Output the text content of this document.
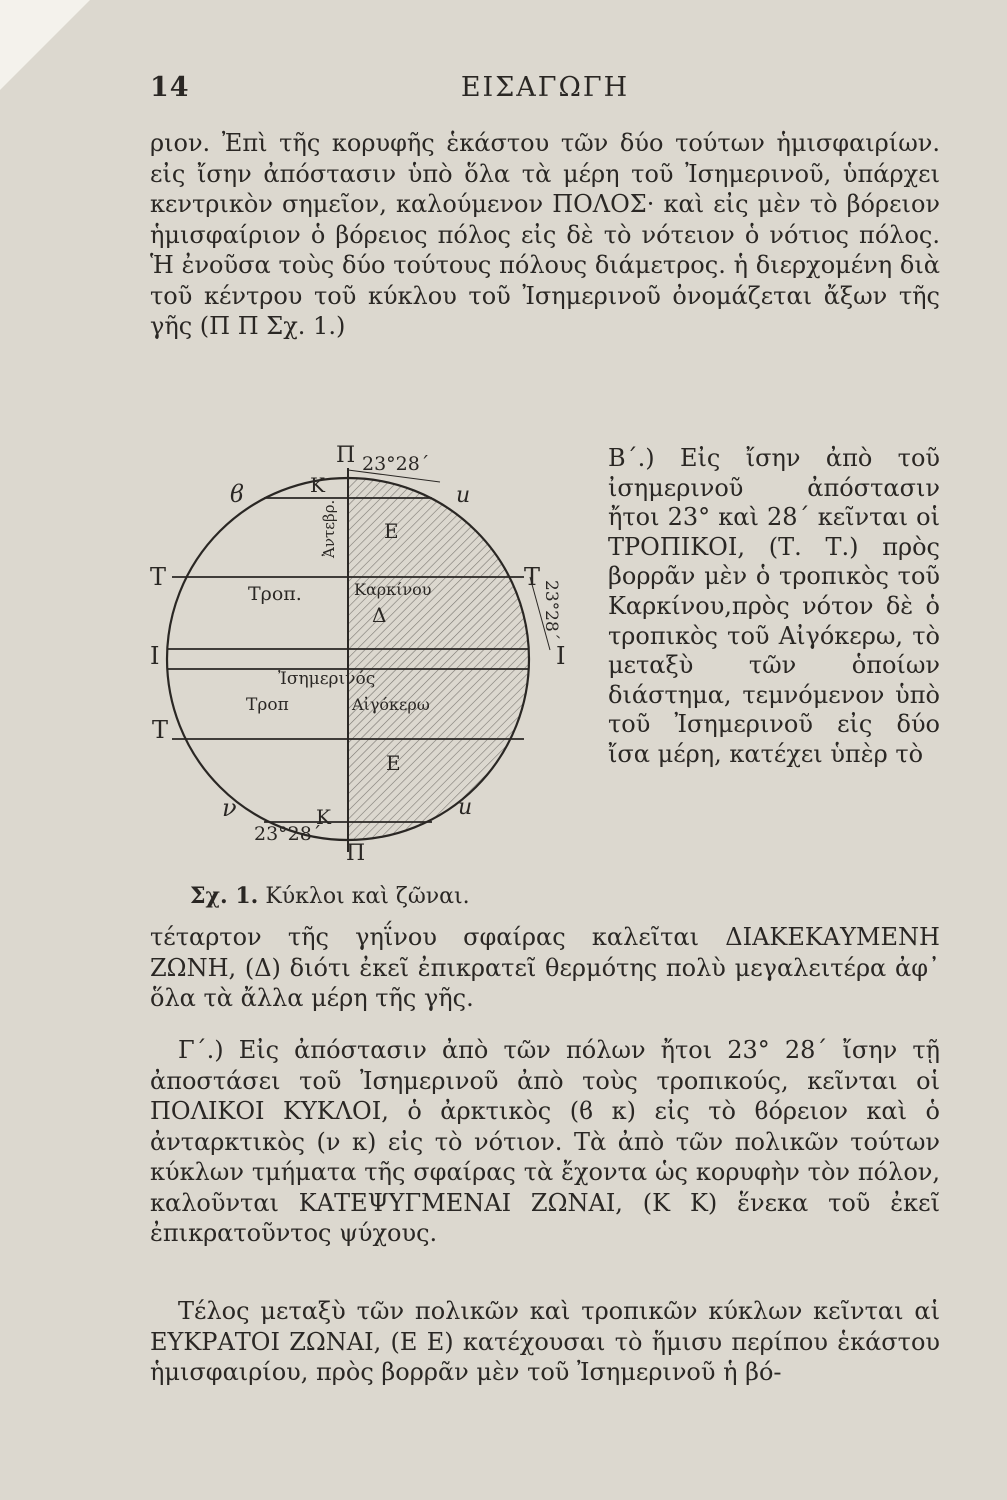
14	ΕΙΣΑΓΩΓΗ

ριον. Ἐπὶ τῆς κορυφῆς ἑκάστου τῶν δύο τούτων ἡμισφαιρίων. εἰς ἴσην ἀπόστασιν ὑπὸ ὅλα τὰ μέρη τοῦ Ἰσημερινοῦ, ὑπάρχει κεντρικὸν σημεῖον, καλούμενον ΠΟΛΟΣ· καὶ εἰς μὲν τὸ βόρειον ἡμισφαίριον ὁ βόρειος πόλος εἰς δὲ τὸ νότειον ὁ νότιος πόλος. Ἡ ἐνοῦσα τοὺς δύο τούτους πόλους διάμετρος. ἡ διερχομένη διὰ τοῦ κέντρου τοῦ κύκλου τοῦ Ἰσημερινοῦ ὀνομάζεται ἄξων τῆς γῆς (Π Π Σχ. 1.)

Π 23°28΄
ϐ	u
Κ
Ἀντεβρ. Ε
Τ	Τ
23°28΄
Τροπ.	Καρκίνου
Δ
Ι	Ι
Ἰσημερινός
Τροπ	Αἰγόκερω
Τ
Ε
ν	u
Κ
23°28΄
Π
Σχ. 1. Κύκλοι καὶ ζῶναι.

Β΄.) Εἰς ἴσην ἀπὸ τοῦ ἰσημερινοῦ ἀπόστασιν ἤτοι 23° καὶ 28΄ κεῖνται οἱ ΤΡΟΠΙΚΟΙ, (Τ. Τ.) πρὸς βορρᾶν μὲν ὁ τροπικὸς τοῦ Καρκίνου,πρὸς νότον δὲ ὁ τροπικὸς τοῦ Αἰγόκερω, τὸ μεταξὺ τῶν ὁποίων διάστημα, τεμνόμενον ὑπὸ τοῦ Ἰσημερινοῦ εἰς δύο ἴσα μέρη, κατέχει ὑπὲρ τὸ

τέταρτον τῆς γηΐνου σφαίρας καλεῖται ΔΙΑΚΕΚΑΥΜΕΝΗ ΖΩΝΗ, (Δ) διότι ἐκεῖ ἐπικρατεῖ θερμότης πολὺ μεγαλειτέρα ἀφ᾽ ὅλα τὰ ἄλλα μέρη τῆς γῆς.

Γ΄.) Εἰς ἀπόστασιν ἀπὸ τῶν πόλων ἤτοι 23° 28΄ ἴσην τῇ ἀποστάσει τοῦ Ἰσημερινοῦ ἀπὸ τοὺς τροπικούς, κεῖνται οἱ ΠΟΛΙΚΟΙ ΚΥΚΛΟΙ, ὁ ἀρκτικὸς (ϐ κ) εἰς τὸ ϐόρειον καὶ ὁ ἀνταρκτικὸς (ν κ) εἰς τὸ νότιον. Τὰ ἀπὸ τῶν πολικῶν τούτων κύκλων τμήματα τῆς σφαίρας τὰ ἔχοντα ὡς κορυφὴν τὸν πόλον, καλοῦνται ΚΑΤΕΨΥΓΜΕΝΑΙ ΖΩΝΑΙ, (Κ Κ) ἕνεκα τοῦ ἐκεῖ ἐπικρατοῦντος ψύχους.

Τέλος μεταξὺ τῶν πολικῶν καὶ τροπικῶν κύκλων κεῖνται αἱ ΕΥΚΡΑΤΟΙ ΖΩΝΑΙ, (Ε Ε) κατέχουσαι τὸ ἥμισυ περίπου ἑκάστου ἡμισφαιρίου, πρὸς βορρᾶν μὲν τοῦ Ἰσημερινοῦ ἡ βό-
